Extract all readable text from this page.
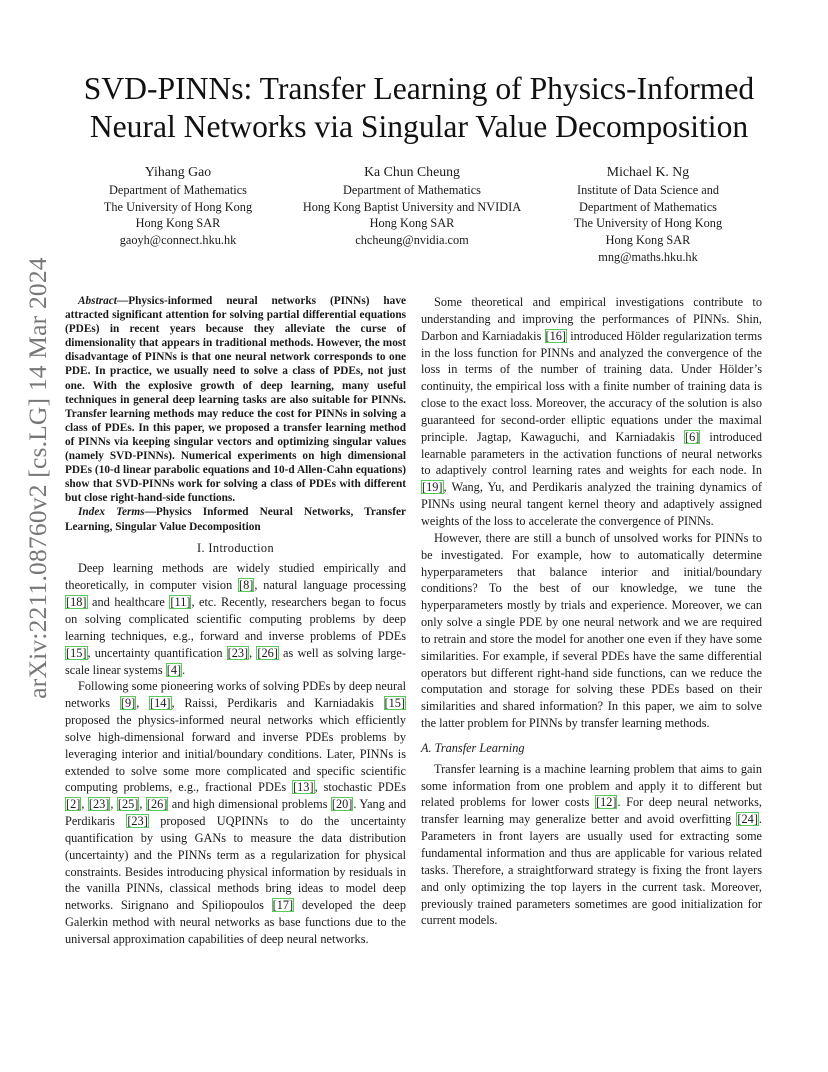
arXiv:2211.08760v2 [cs.LG] 14 Mar 2024
SVD-PINNs: Transfer Learning of Physics-Informed
Neural Networks via Singular Value Decomposition
Yihang Gao
Department of Mathematics
The University of Hong Kong
Hong Kong SAR
gaoyh@connect.hku.hk
Ka Chun Cheung
Department of Mathematics
Hong Kong Baptist University and NVIDIA
Hong Kong SAR
chcheung@nvidia.com
Michael K. Ng
Institute of Data Science and
Department of Mathematics
The University of Hong Kong
Hong Kong SAR
mng@maths.hku.hk

Abstract—Physics-informed neural networks (PINNs) have attracted significant attention for solving partial differential equations (PDEs) in recent years because they alleviate the curse of dimensionality that appears in traditional methods. However, the most disadvantage of PINNs is that one neural network corresponds to one PDE. In practice, we usually need to solve a class of PDEs, not just one. With the explosive growth of deep learning, many useful techniques in general deep learning tasks are also suitable for PINNs. Transfer learning methods may reduce the cost for PINNs in solving a class of PDEs. In this paper, we proposed a transfer learning method of PINNs via keeping singular vectors and optimizing singular values (namely SVD-PINNs). Numerical experiments on high dimensional PDEs (10-d linear parabolic equations and 10-d Allen-Cahn equations) show that SVD-PINNs work for solving a class of PDEs with different but close right-hand-side functions.

Index Terms—Physics Informed Neural Networks, Transfer Learning, Singular Value Decomposition

I. Introduction

Deep learning methods are widely studied empirically and theoretically, in computer vision [8], natural language processing [18] and healthcare [11], etc. Recently, researchers began to focus on solving complicated scientific computing problems by deep learning techniques, e.g., forward and inverse problems of PDEs [15], uncertainty quantification [23], [26] as well as solving large-scale linear systems [4].

Following some pioneering works of solving PDEs by deep neural networks [9], [14], Raissi, Perdikaris and Karniadakis [15] proposed the physics-informed neural networks which efficiently solve high-dimensional forward and inverse PDEs problems by leveraging interior and initial/boundary conditions. Later, PINNs is extended to solve some more complicated and specific scientific computing problems, e.g., fractional PDEs [13], stochastic PDEs [2], [23], [25], [26] and high dimensional problems [20]. Yang and Perdikaris [23] proposed UQPINNs to do the uncertainty quantification by using GANs to measure the data distribution (uncertainty) and the PINNs term as a regularization for physical constraints. Besides introducing physical information by residuals in the vanilla PINNs, classical methods bring ideas to model deep networks. Sirignano and Spiliopoulos [17] developed the deep Galerkin method with neural networks as base functions due to the universal approximation capabilities of deep neural networks.

Some theoretical and empirical investigations contribute to understanding and improving the performances of PINNs. Shin, Darbon and Karniadakis [16] introduced Hölder regularization terms in the loss function for PINNs and analyzed the convergence of the loss in terms of the number of training data. Under Hölder’s continuity, the empirical loss with a finite number of training data is close to the exact loss. Moreover, the accuracy of the solution is also guaranteed for second-order elliptic equations under the maximal principle. Jagtap, Kawaguchi, and Karniadakis [6] introduced learnable parameters in the activation functions of neural networks to adaptively control learning rates and weights for each node. In [19], Wang, Yu, and Perdikaris analyzed the training dynamics of PINNs using neural tangent kernel theory and adaptively assigned weights of the loss to accelerate the convergence of PINNs.

However, there are still a bunch of unsolved works for PINNs to be investigated. For example, how to automatically determine hyperparameters that balance interior and initial/boundary conditions? To the best of our knowledge, we tune the hyperparameters mostly by trials and experience. Moreover, we can only solve a single PDE by one neural network and we are required to retrain and store the model for another one even if they have some similarities. For example, if several PDEs have the same differential operators but different right-hand side functions, can we reduce the computation and storage for solving these PDEs based on their similarities and shared information? In this paper, we aim to solve the latter problem for PINNs by transfer learning methods.

A. Transfer Learning

Transfer learning is a machine learning problem that aims to gain some information from one problem and apply it to different but related problems for lower costs [12]. For deep neural networks, transfer learning may generalize better and avoid overfitting [24]. Parameters in front layers are usually used for extracting some fundamental information and thus are applicable for various related tasks. Therefore, a straightforward strategy is fixing the front layers and only optimizing the top layers in the current task. Moreover, previously trained parameters sometimes are good initialization for current models.
